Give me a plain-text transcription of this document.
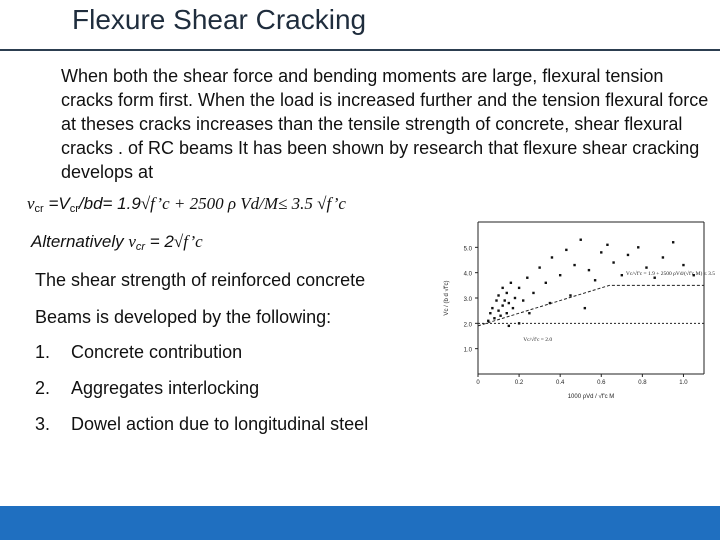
Flexure Shear Cracking
When both the shear force and bending moments are large, flexural tension cracks form first. When the load is increased further and the tension flexural force at theses cracks increases than the tensile strength of concrete, shear flexural cracks . of RC beams It has been shown by research that flexure shear cracking develops at
$v_{cr} =V_{cr}/bd=$ 1.9√f’c + 2500 ρ Vd/M≤ 3.5 √f’c
Alternatively $v_{cr}$ = 2√f’c
The shear strength of reinforced concrete
Beams is developed by the following:
1. Concrete contribution
2. Aggregates interlocking
3. Dowel action due to longitudinal steel
1.0
2.0
3.0
4.0
5.0
0	0.2	0.4	0.6	0.8	1.0
1000 ρVd / √f'c M
Vc / (b d √f'c)
Vc/√f'c = 1.9 + 2500 ρVd/(√f'c M) ≤ 3.5
Vc/√f'c = 2.0
